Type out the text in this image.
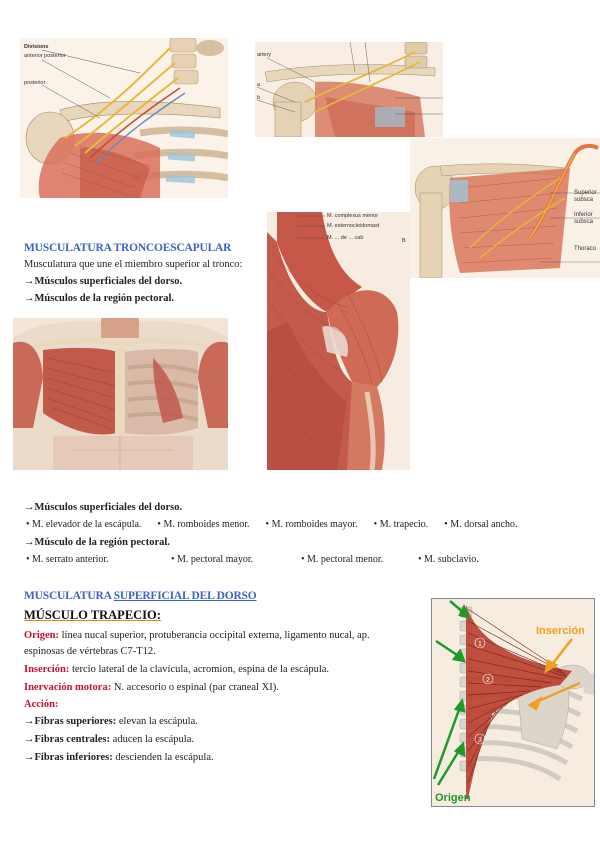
Divisions
anterior posterior
posterior
artery
a
b
Superior
subsca
Inferior
subsca
Thoraco
M. complexus menor
M. esternocleidomast
M. ... de ... cab	B
MUSCULATURA TRONCOESCAPULAR
Musculatura que une el miembro superior al tronco:
→Músculos superficiales del dorso.
→Músculos de la región pectoral.
→Músculos superficiales del dorso.
• M. elevador de la escápula. • M. romboides menor. • M. romboides mayor. • M. trapecio. • M. dorsal ancho.
→Músculo de la región pectoral.
• M. serrato anterior.	• M. pectoral mayor.	• M. pectoral menor.	• M. subclavio.
MUSCULATURA SUPERFICIAL DEL DORSO
MÚSCULO TRAPECIO:
Origen: línea nucal superior, protuberancia occipital externa, ligamento nucal, ap.
espinosas de vértebras C7-T12.
Inserción: tercio lateral de la clavícula, acromion, espina de la escápula.
Inervación motora: N. accesorio o espinal (par craneal XI).
Acción:
→Fibras superiores: elevan la escápula.
→Fibras centrales: aducen la escápula.
→Fibras inferiores: descienden la escápula.
1
2
3
Inserción
Origen
